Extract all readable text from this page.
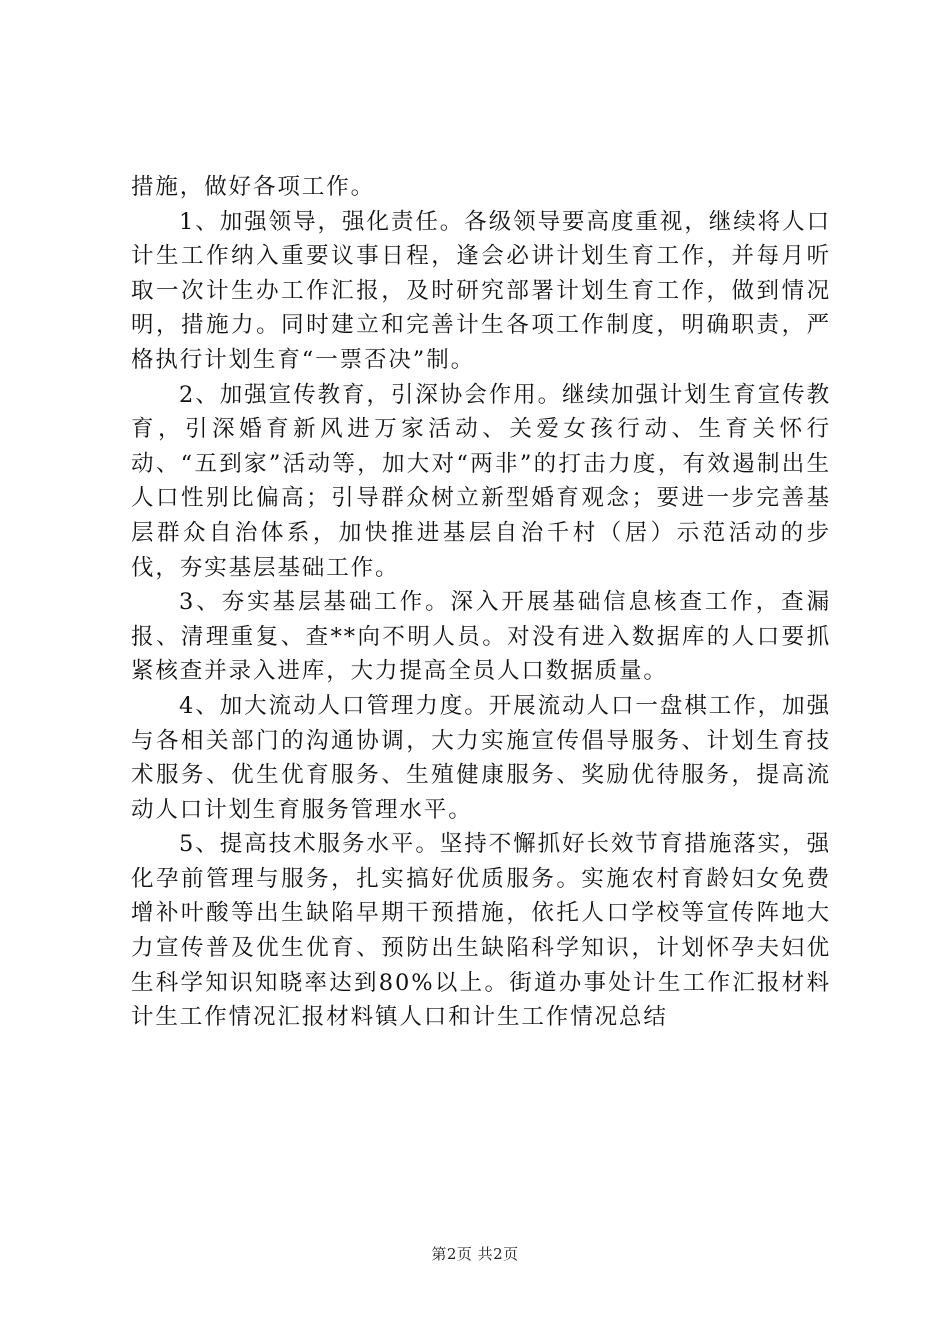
措施，做好各项工作。

1、加强领导，强化责任。各级领导要高度重视，继续将人口计生工作纳入重要议事日程，逢会必讲计划生育工作，并每月听取一次计生办工作汇报，及时研究部署计划生育工作，做到情况明，措施力。同时建立和完善计生各项工作制度，明确职责，严格执行计划生育“一票否决”制。

2、加强宣传教育，引深协会作用。继续加强计划生育宣传教育，引深婚育新风进万家活动、关爱女孩行动、生育关怀行动、“五到家”活动等，加大对“两非”的打击力度，有效遏制出生人口性别比偏高；引导群众树立新型婚育观念；要进一步完善基层群众自治体系，加快推进基层自治千村（居）示范活动的步伐，夯实基层基础工作。

3、夯实基层基础工作。深入开展基础信息核查工作，查漏报、清理重复、查**向不明人员。对没有进入数据库的人口要抓紧核查并录入进库，大力提高全员人口数据质量。

4、加大流动人口管理力度。开展流动人口一盘棋工作，加强与各相关部门的沟通协调，大力实施宣传倡导服务、计划生育技术服务、优生优育服务、生殖健康服务、奖励优待服务，提高流动人口计划生育服务管理水平。

5、提高技术服务水平。坚持不懈抓好长效节育措施落实，强化孕前管理与服务，扎实搞好优质服务。实施农村育龄妇女免费增补叶酸等出生缺陷早期干预措施，依托人口学校等宣传阵地大力宣传普及优生优育、预防出生缺陷科学知识，计划怀孕夫妇优生科学知识知晓率达到80%以上。街道办事处计生工作汇报材料计生工作情况汇报材料镇人口和计生工作情况总结

第2页 共2页
